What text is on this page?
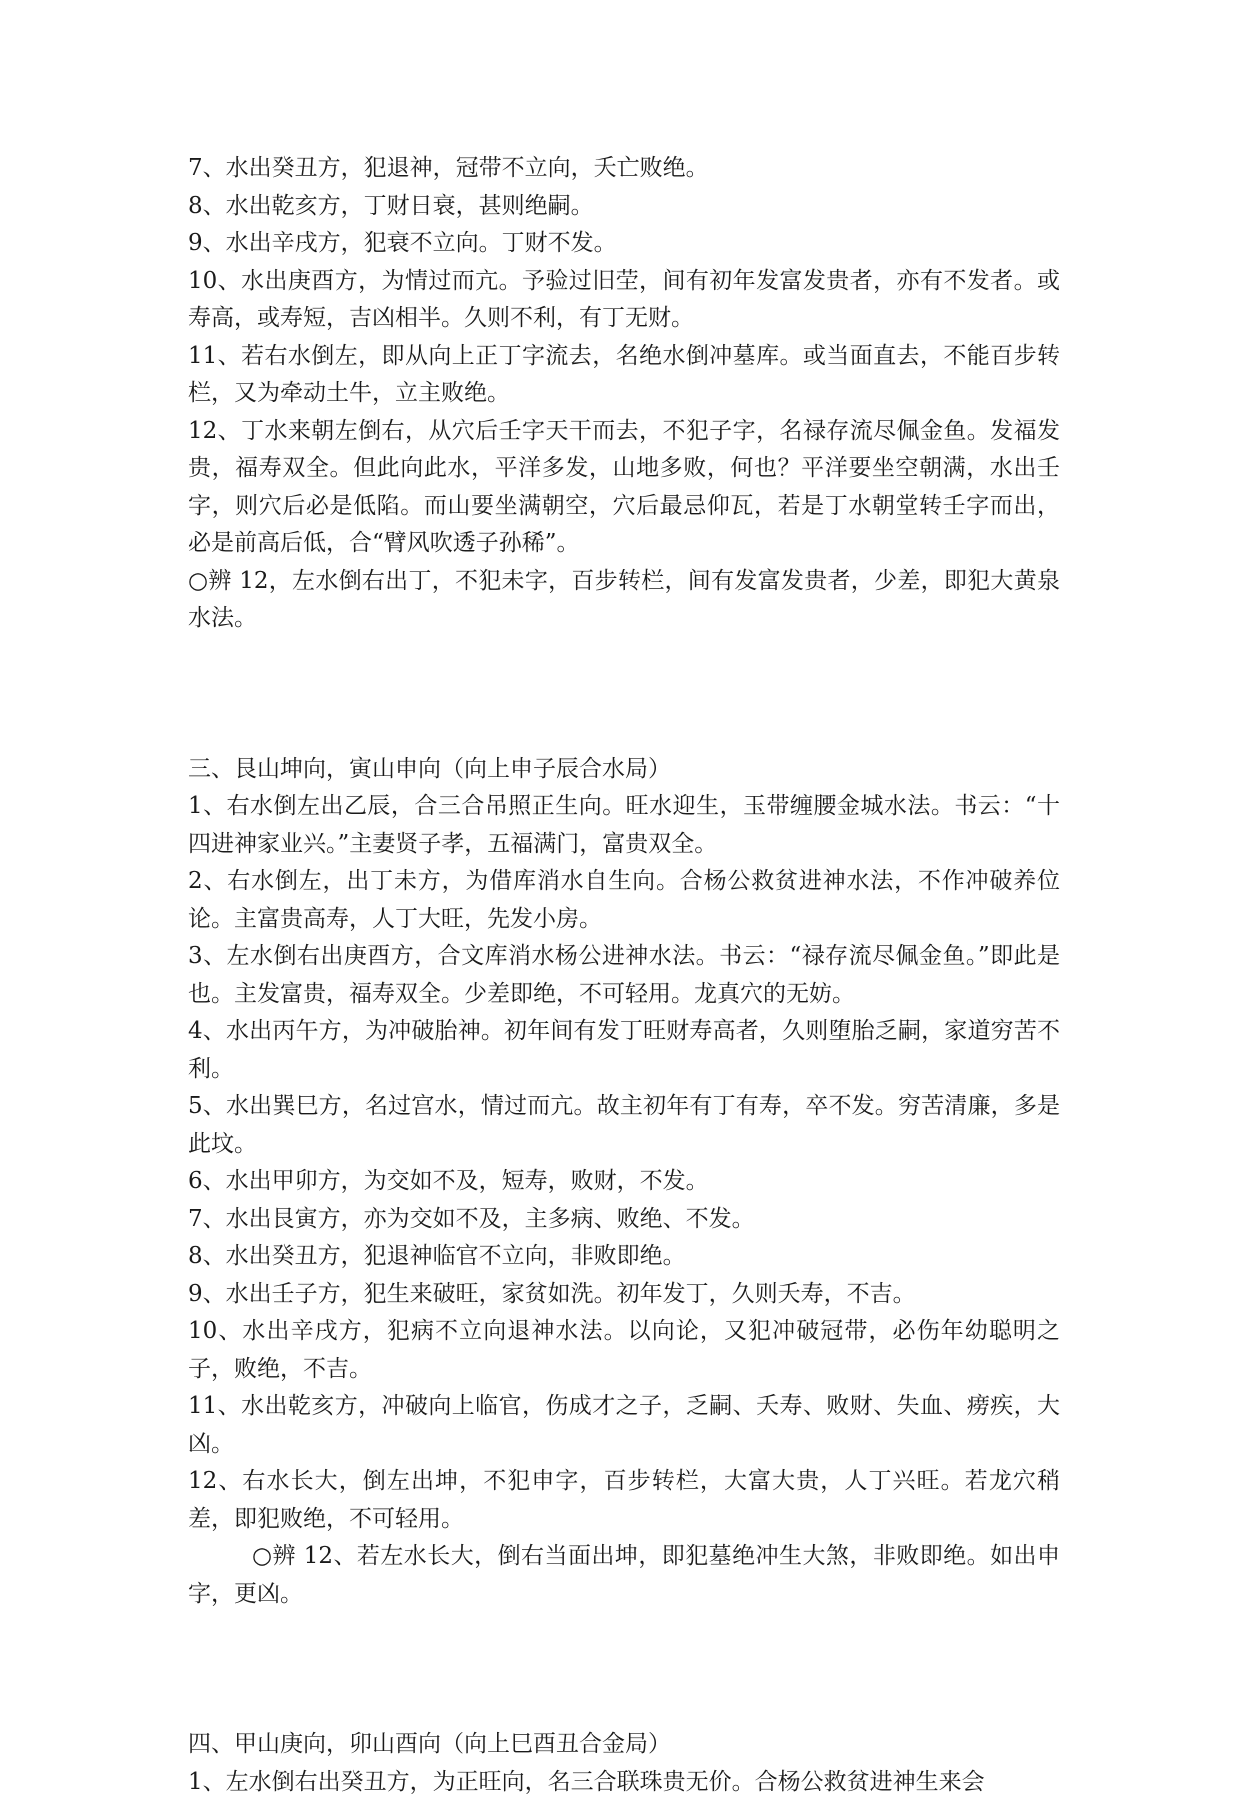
7、水出癸丑方，犯退神，冠带不立向，夭亡败绝。

8、水出乾亥方，丁财日衰，甚则绝嗣。

9、水出辛戌方，犯衰不立向。丁财不发。

10、水出庚酉方，为情过而亢。予验过旧茔，间有初年发富发贵者，亦有不发者。或寿高，或寿短，吉凶相半。久则不利，有丁无财。

11、若右水倒左，即从向上正丁字流去，名绝水倒冲墓库。或当面直去，不能百步转栏，又为牵动土牛，立主败绝。

12、丁水来朝左倒右，从穴后壬字天干而去，不犯子字，名禄存流尽佩金鱼。发福发贵，福寿双全。但此向此水，平洋多发，山地多败，何也？平洋要坐空朝满，水出壬字，则穴后必是低陷。而山要坐满朝空，穴后最忌仰瓦，若是丁水朝堂转壬字而出，必是前高后低，合“臂风吹透子孙稀”。

○辨 12，左水倒右出丁，不犯未字，百步转栏，间有发富发贵者，少差，即犯大黄泉水法。

三、艮山坤向，寅山申向（向上申子辰合水局）

1、右水倒左出乙辰，合三合吊照正生向。旺水迎生，玉带缠腰金城水法。书云：“十四进神家业兴。”主妻贤子孝，五福满门，富贵双全。

2、右水倒左，出丁未方，为借库消水自生向。合杨公救贫进神水法，不作冲破养位论。主富贵高寿，人丁大旺，先发小房。

3、左水倒右出庚酉方，合文库消水杨公进神水法。书云：“禄存流尽佩金鱼。”即此是也。主发富贵，福寿双全。少差即绝，不可轻用。龙真穴的无妨。

4、水出丙午方，为冲破胎神。初年间有发丁旺财寿高者，久则堕胎乏嗣，家道穷苦不利。

5、水出巽巳方，名过宫水，情过而亢。故主初年有丁有寿，卒不发。穷苦清廉，多是此坟。

6、水出甲卯方，为交如不及，短寿，败财，不发。

7、水出艮寅方，亦为交如不及，主多病、败绝、不发。

8、水出癸丑方，犯退神临官不立向，非败即绝。

9、水出壬子方，犯生来破旺，家贫如洗。初年发丁，久则夭寿，不吉。

10、水出辛戌方，犯病不立向退神水法。以向论，又犯冲破冠带，必伤年幼聪明之子，败绝，不吉。

11、水出乾亥方，冲破向上临官，伤成才之子，乏嗣、夭寿、败财、失血、痨疾，大凶。

12、右水长大，倒左出坤，不犯申字，百步转栏，大富大贵，人丁兴旺。若龙穴稍差，即犯败绝，不可轻用。

○辨 12、若左水长大，倒右当面出坤，即犯墓绝冲生大煞，非败即绝。如出申字，更凶。

四、甲山庚向，卯山酉向（向上巳酉丑合金局）

1、左水倒右出癸丑方，为正旺向，名三合联珠贵无价。合杨公救贫进神生来会
